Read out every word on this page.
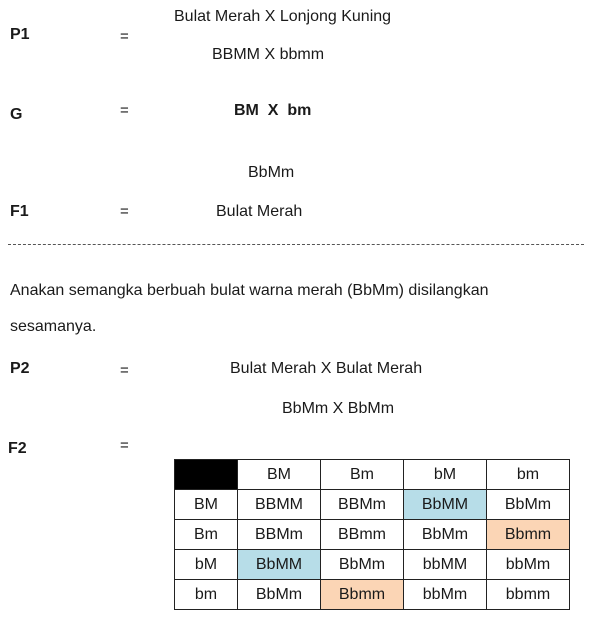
P1	=
Bulat Merah X Lonjong Kuning
BBMM X bbmm
G	=	BM  X  bm
BbMm
F1	=	Bulat Merah
Anakan semangka berbuah bulat warna merah (BbMm) disilangkan
sesamanya.
P2	=	Bulat Merah X Bulat Merah
BbMm X BbMm
F2	=
	BM	Bm	bM	bm
BM	BBMM	BBMm	BbMM	BbMm
Bm	BBMm	BBmm	BbMm	Bbmm
bM	BbMM	BbMm	bbMM	bbMm
bm	BbMm	Bbmm	bbMm	bbmm
